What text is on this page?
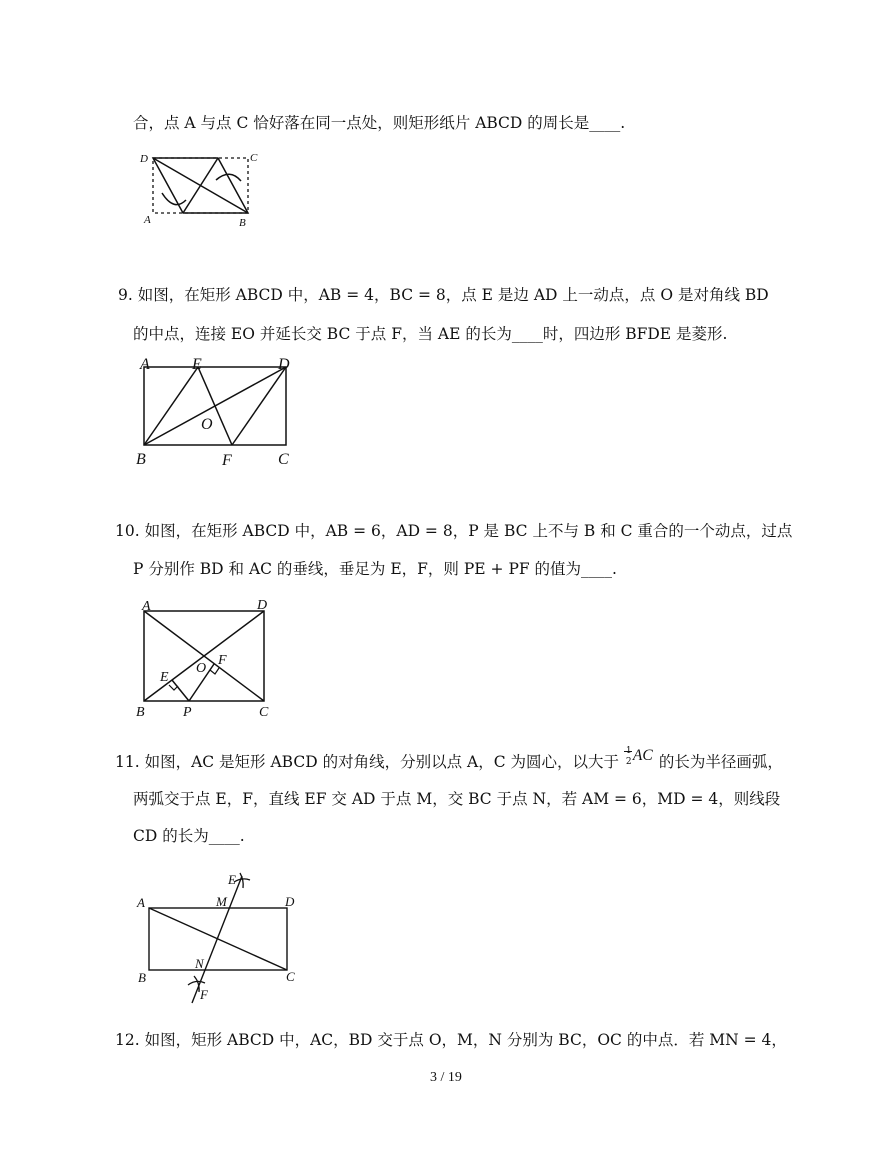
合，点 A 与点 C 恰好落在同一点处，则矩形纸片 ABCD 的周长是____.
D	C
A	B
9. 如图，在矩形 ABCD 中，AB = 4，BC = 8，点 E 是边 AD 上一动点，点 O 是对角线 BD
的中点，连接 EO 并延长交 BC 于点 F，当 AE 的长为____时，四边形 BFDE 是菱形.
A	E	D
O
B	F	C
10. 如图，在矩形 ABCD 中，AB = 6，AD = 8，P 是 BC 上不与 B 和 C 重合的一个动点，过点
P 分别作 BD 和 AC 的垂线，垂足为 E，F，则 PE + PF 的值为____.
A	D
O
F
E
B	P	C
11. 如图，AC 是矩形 ABCD 的对角线，分别以点 A，C 为圆心，以大于
1
2 AC 的长为半径画弧，
两弧交于点 E，F，直线 EF 交 AD 于点 M，交 BC 于点 N，若 AM = 6，MD = 4，则线段
CD 的长为____.
E
A	M	D
N
B	C
F
12. 如图，矩形 ABCD 中，AC，BD 交于点 O，M，N 分别为 BC，OC 的中点．若 MN = 4，
3 / 19
